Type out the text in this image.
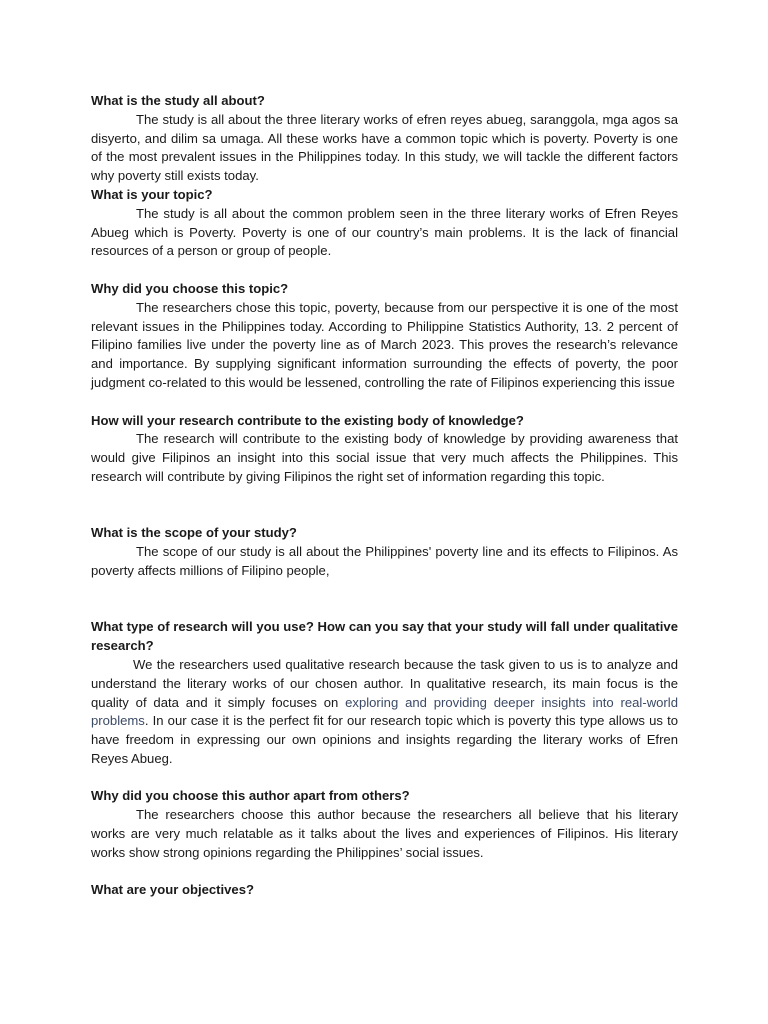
What is the study all about?

The study is all about the three literary works of efren reyes abueg, saranggola, mga agos sa disyerto, and dilim sa umaga. All these works have a common topic which is poverty. Poverty is one of the most prevalent issues in the Philippines today. In this study, we will tackle the different factors why poverty still exists today.

What is your topic?

The study is all about the common problem seen in the three literary works of Efren Reyes Abueg which is Poverty. Poverty is one of our country’s main problems. It is the lack of financial resources of a person or group of people.

Why did you choose this topic?

The researchers chose this topic, poverty, because from our perspective it is one of the most relevant issues in the Philippines today. According to Philippine Statistics Authority, 13. 2 percent of Filipino families live under the poverty line as of March 2023. This proves the research’s relevance and importance. By supplying significant information surrounding the effects of poverty, the poor judgment co-related to this would be lessened, controlling the rate of Filipinos experiencing this issue

How will your research contribute to the existing body of knowledge?

The research will contribute to the existing body of knowledge by providing awareness that would give Filipinos an insight into this social issue that very much affects the Philippines. This research will contribute by giving Filipinos the right set of information regarding this topic.

What is the scope of your study?

The scope of our study is all about the Philippines' poverty line and its effects to Filipinos. As poverty affects millions of Filipino people,

What type of research will you use? How can you say that your study will fall under qualitative research?

We the researchers used qualitative research because the task given to us is to analyze and understand the literary works of our chosen author. In qualitative research, its main focus is the quality of data and it simply focuses on exploring and providing deeper insights into real-world problems. In our case it is the perfect fit for our research topic which is poverty this type allows us to have freedom in expressing our own opinions and insights regarding the literary works of Efren Reyes Abueg.

Why did you choose this author apart from others?

The researchers choose this author because the researchers all believe that his literary works are very much relatable as it talks about the lives and experiences of Filipinos. His literary works show strong opinions regarding the Philippines’ social issues.

What are your objectives?
